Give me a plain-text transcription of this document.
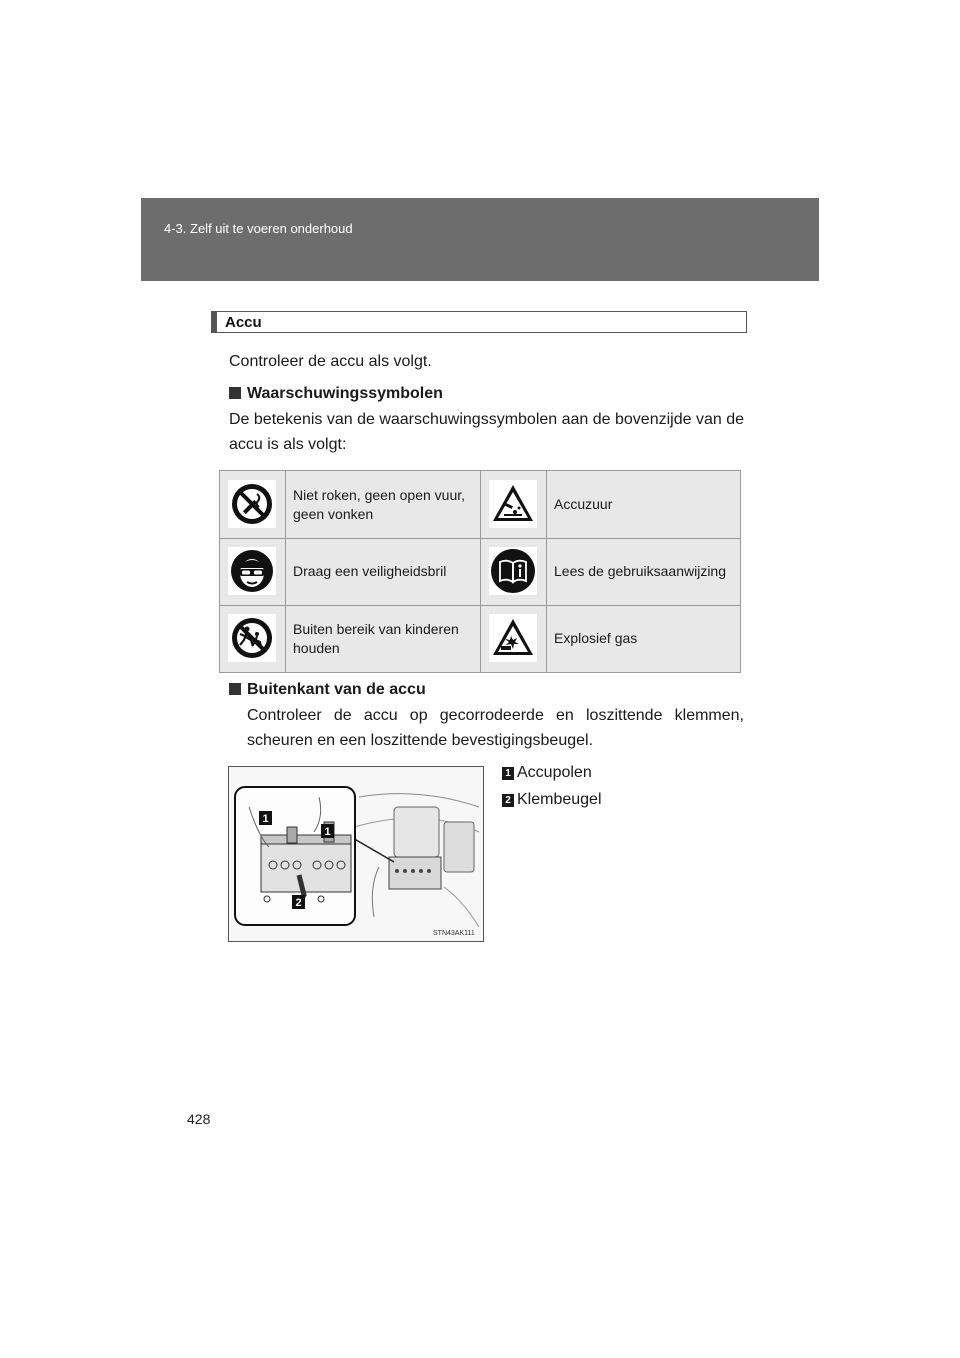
4-3. Zelf uit te voeren onderhoud
Accu
Controleer de accu als volgt.
Waarschuwingssymbolen
De betekenis van de waarschuwingssymbolen aan de bovenzijde van de accu is als volgt:
Niet roken, geen open vuur, geen vonken
Accuzuur
Draag een veiligheidsbril	Lees de gebruiksaanwijzing
Buiten bereik van kinderen houden
Explosief gas
Buitenkant van de accu
Controleer de accu op gecorrodeerde en loszittende klemmen, scheuren en een loszittende bevestigingsbeugel.
1
1
2
STN43AK111
1 Accupolen
2 Klembeugel
428
